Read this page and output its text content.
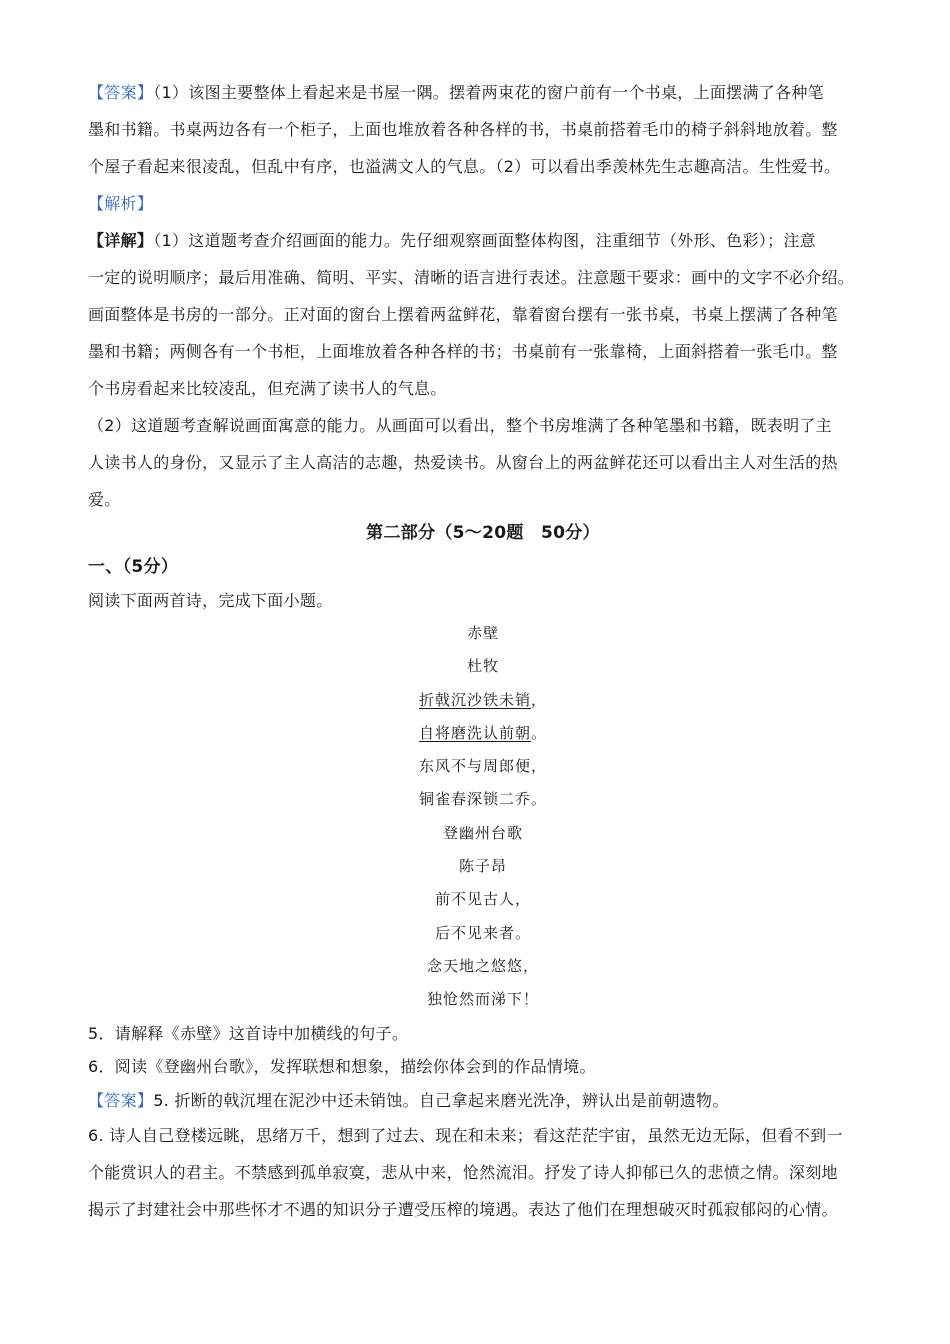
【答案】（1）该图主要整体上看起来是书屋一隅。摆着两束花的窗户前有一个书桌，上面摆满了各种笔

墨和书籍。书桌两边各有一个柜子，上面也堆放着各种各样的书，书桌前搭着毛巾的椅子斜斜地放着。整

个屋子看起来很凌乱，但乱中有序，也溢满文人的气息。（2）可以看出季羡林先生志趣高洁。生性爱书。

【解析】

【详解】（1）这道题考查介绍画面的能力。先仔细观察画面整体构图，注重细节（外形、色彩）；注意

一定的说明顺序；最后用准确、简明、平实、清晰的语言进行表述。注意题干要求：画中的文字不必介绍。

画面整体是书房的一部分。正对面的窗台上摆着两盆鲜花，靠着窗台摆有一张书桌，书桌上摆满了各种笔

墨和书籍；两侧各有一个书柜，上面堆放着各种各样的书；书桌前有一张靠椅，上面斜搭着一张毛巾。整

个书房看起来比较凌乱，但充满了读书人的气息。

（2）这道题考查解说画面寓意的能力。从画面可以看出，整个书房堆满了各种笔墨和书籍，既表明了主

人读书人的身份，又显示了主人高洁的志趣，热爱读书。从窗台上的两盆鲜花还可以看出主人对生活的热

爱。

第二部分（5～20题　50分）

一、（5分）

阅读下面两首诗，完成下面小题。

赤壁

杜牧

折戟沉沙铁未销，

自将磨洗认前朝。

东风不与周郎便，

铜雀春深锁二乔。

登幽州台歌

陈子昂

前不见古人，

后不见来者。

念天地之悠悠，

独怆然而涕下！

5．请解释《赤壁》这首诗中加横线的句子。

6．阅读《登幽州台歌》，发挥联想和想象，描绘你体会到的作品情境。

【答案】5. 折断的戟沉埋在泥沙中还未销蚀。自己拿起来磨光洗净，辨认出是前朝遗物。

6. 诗人自己登楼远眺，思绪万千，想到了过去、现在和未来；看这茫茫宇宙，虽然无边无际，但看不到一

个能赏识人的君主。不禁感到孤单寂寞，悲从中来，怆然流泪。抒发了诗人抑郁已久的悲愤之情。深刻地

揭示了封建社会中那些怀才不遇的知识分子遭受压榨的境遇。表达了他们在理想破灭时孤寂郁闷的心情。
